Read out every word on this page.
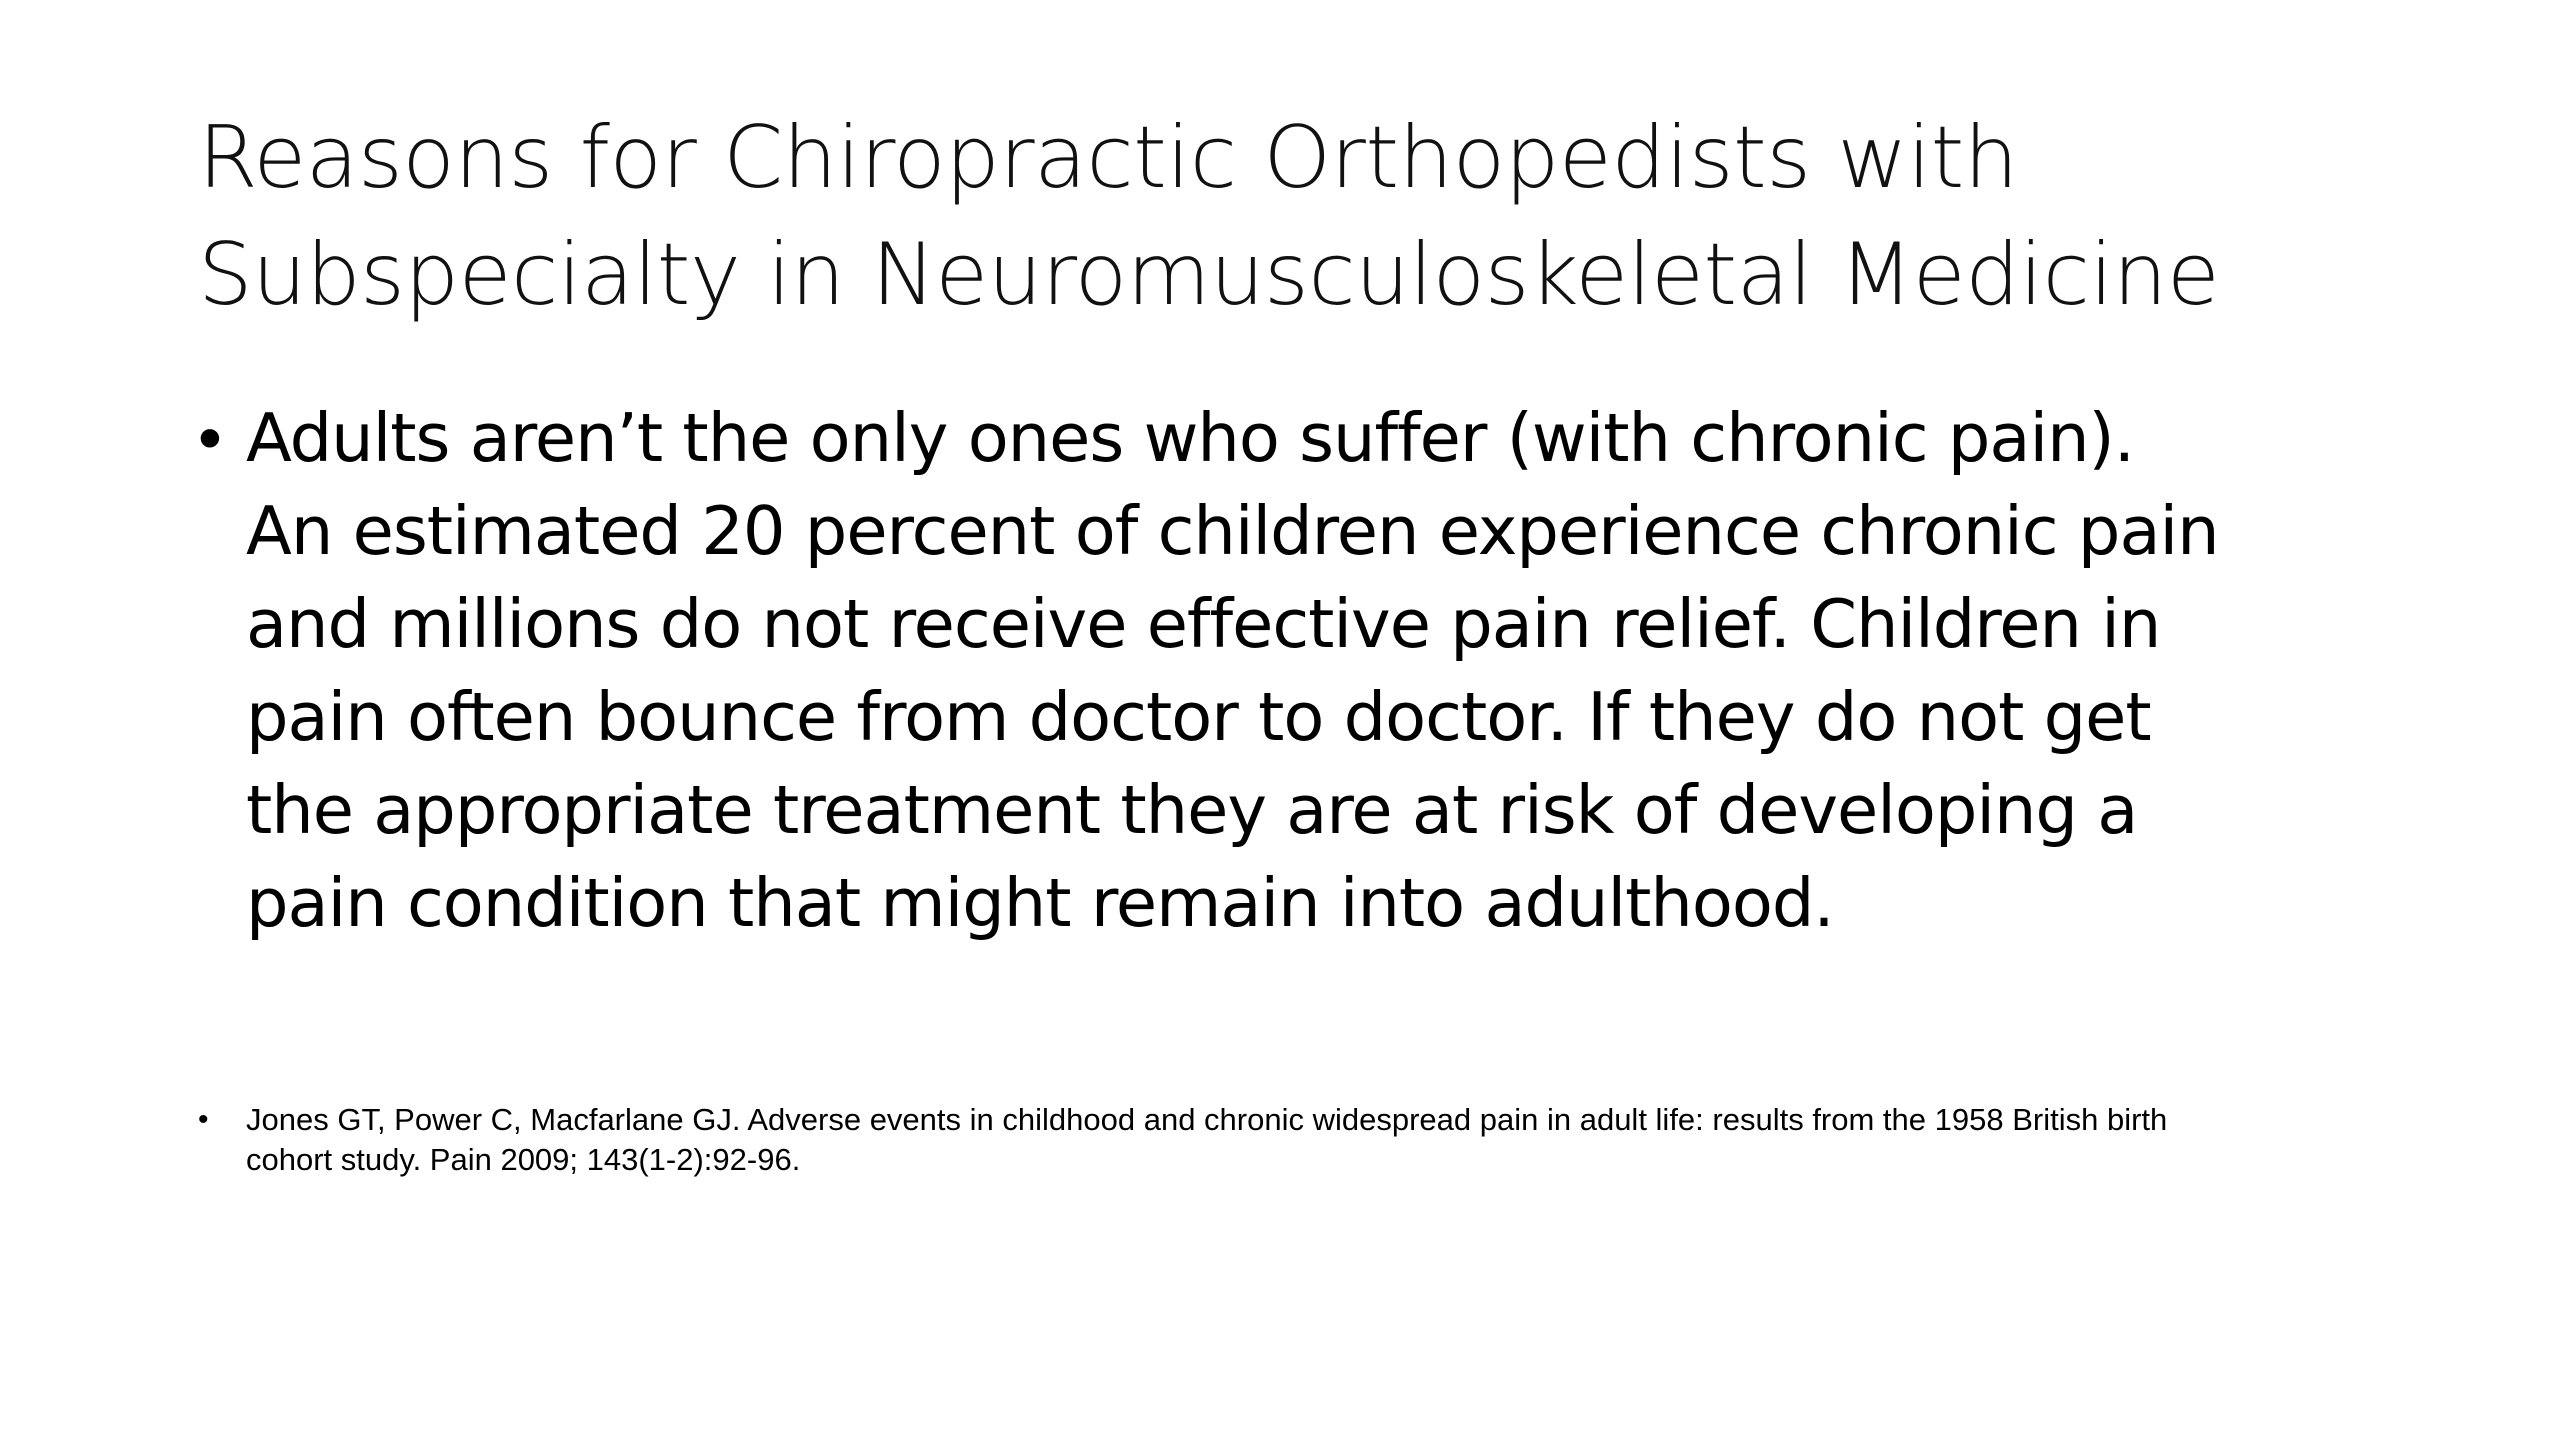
Reasons for Chiropractic Orthopedists with
Subspecialty in Neuromusculoskeletal Medicine
• Adults aren’t the only ones who suffer (with chronic pain).
An estimated 20 percent of children experience chronic pain
and millions do not receive effective pain relief. Children in
pain often bounce from doctor to doctor. If they do not get
the appropriate treatment they are at risk of developing a
pain condition that might remain into adulthood.
• Jones GT, Power C, Macfarlane GJ. Adverse events in childhood and chronic widespread pain in adult life: results from the 1958 British birth
cohort study. Pain 2009; 143(1-2):92-96.
